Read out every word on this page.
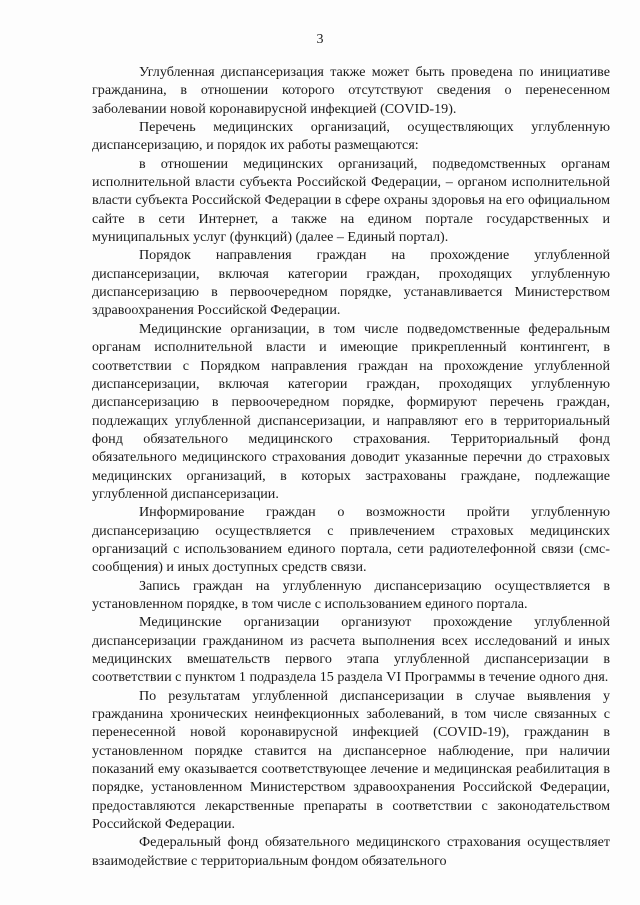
3

Углубленная диспансеризация также может быть проведена по инициативе гражданина, в отношении которого отсутствуют сведения о перенесенном заболевании новой коронавирусной инфекцией (COVID-19).

Перечень медицинских организаций, осуществляющих углубленную диспансеризацию, и порядок их работы размещаются:

в отношении медицинских организаций, подведомственных органам исполнительной власти субъекта Российской Федерации, – органом исполнительной власти субъекта Российской Федерации в сфере охраны здоровья на его официальном сайте в сети Интернет, а также на едином портале государственных и муниципальных услуг (функций) (далее – Единый портал).

Порядок направления граждан на прохождение углубленной диспансеризации, включая категории граждан, проходящих углубленную диспансеризацию в первоочередном порядке, устанавливается Министерством здравоохранения Российской Федерации.

Медицинские организации, в том числе подведомственные федеральным органам исполнительной власти и имеющие прикрепленный контингент, в соответствии с Порядком направления граждан на прохождение углубленной диспансеризации, включая категории граждан, проходящих углубленную диспансеризацию в первоочередном порядке, формируют перечень граждан, подлежащих углубленной диспансеризации, и направляют его в территориальный фонд обязательного медицинского страхования. Территориальный фонд обязательного медицинского страхования доводит указанные перечни до страховых медицинских организаций, в которых застрахованы граждане, подлежащие углубленной диспансеризации.

Информирование граждан о возможности пройти углубленную диспансеризацию осуществляется с привлечением страховых медицинских организаций с использованием единого портала, сети радиотелефонной связи (смс-сообщения) и иных доступных средств связи.

Запись граждан на углубленную диспансеризацию осуществляется в установленном порядке, в том числе с использованием единого портала.

Медицинские организации организуют прохождение углубленной диспансеризации гражданином из расчета выполнения всех исследований и иных медицинских вмешательств первого этапа углубленной диспансеризации в соответствии с пунктом 1 подраздела 15 раздела VI Программы в течение одного дня.

По результатам углубленной диспансеризации в случае выявления у гражданина хронических неинфекционных заболеваний, в том числе связанных с перенесенной новой коронавирусной инфекцией (COVID-19), гражданин в установленном порядке ставится на диспансерное наблюдение, при наличии показаний ему оказывается соответствующее лечение и медицинская реабилитация в порядке, установленном Министерством здравоохранения Российской Федерации, предоставляются лекарственные препараты в соответствии с законодательством Российской Федерации.

Федеральный фонд обязательного медицинского страхования осуществляет взаимодействие с территориальным фондом обязательного
